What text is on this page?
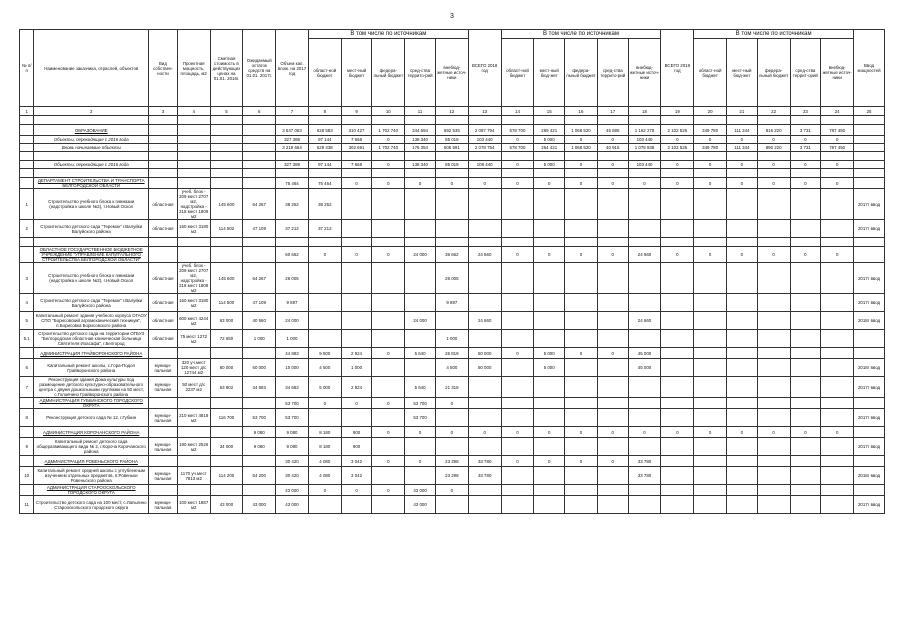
3
№ п/п	Наименование заказчика, отраслей, объектов	Вид собствен-ности	Проектная мощность, площадь, м2	Сметная стоимость в действующих ценах на 01.01. 2016г.	Ожидаемый остаток средств на 01.01. 2017г.	Объем кап. влож. на 2017 год	В том числе по источникам					ВСЕГО 2018 год	В том числе по источникам					ВСЕГО 2019 год	В том числе по источникам					Ввод мощностей
							област-ной бюджет	мест-ный бюджет	федера-льный бюджет	сред-ства террито-рий	внебюд-жетные источ-ники		област-ной бюджет	мест-ный бюд-жет	федера-льный бюджет	сред-ства террито-рий	внебюд-жетные источ-ники		област-ной бюджет	мест-ный бюд-жет	федера-льный бюджет	сред-ства террит-орий	внебюд-жетные источ-ники	
1	2	3	4	5	6	7	8	9	10	11	12	13	14	15	16	17	18	19	20	21	22	23	24	25

	ОБРАЗОВАНИЕ					3 547 063	628 583	310 427	1 702 740	344 694	692 535	2 087 794	578 700	269 421	1 068 520	45 695	1 162 278	2 102 525	349 780	111 344	816 220	3 731	787 450	
	Объекты, переходящие с 2016 года					327 389	97 144	7 668	0	138 340	85 019	103 440	0	5 000	0	0	103 440	0	0	0	0	0	0	
	Вновь начинаемые объекты					3 219 664	529 438	302 691	1 702 740	176 354	606 591	2 078 754	578 700	264 421	1 068 520	40 915	1 078 838	2 102 525	349 780	111 344	890 220	3 731	787 450	

	Объекты, переходящие с 2016 года					327 389	97 144	7 668	0	138 340	85 019	108 440	0	5 000	0	0	103 440	0	0	0	0	0	0	

	ДЕПАРТАМЕНТ СТРОИТЕЛЬСТВА И ТРАНСПОРТА БЕЛГОРОДСКОЙ ОБЛАСТИ					75 464	75 464	0	0	0	0	0	0	0	0	0	0	0	0	0	0	0	0	
1	Строительство учебного блока к гимназии (надстройка к школе №2), г.Новый Оскол	областная	учеб. блок - 209 мест 2707 м2, надстройка - 218 мест 1809 м2	145 600	64 267	38 252	38 252																	2017г ввод
2	Строительство детского сада "Теремок" г.Валуйки Валуйского района	областная	160 мест 3180 м2	114 502	47 109	37 212	37 212																	2017г ввод

	ОБЛАСТНОЕ ГОСУДАРСТВЕННОЕ БЮДЖЕТНОЕ УЧРЕЖДЕНИЕ "УПРАВЛЕНИЕ КАПИТАЛЬНОГО СТРОИТЕЛЬСТВА БЕЛГОРОДСКОЙ ОБЛАСТИ"					60 662	0	0	0	24 000	36 662	24 660	0	0	0	0	24 660	0	0	0	0	0	0	
3	Строительство учебного блока к гимназии (надстройка к школе №2), г.Новый Оскол	областная	учеб. блок - 209 мест 2707 м2, надстройка - 218 мест 1809 м2	145 600	64 267	26 005					26 005													2017г ввод
4	Строительство детского сада "Теремок" г.Валуйки Валуйского района	областная	160 мест 3180 м2	114 500	47 109	9 897					9 897													2017г ввод
5	Капитальный ремонт здания учебного корпуса ОГАОУ СПО "Борисовский агромеханический техникум", п.Борисовка Борисовского района	областная	600 мест 4244 м2	63 000	40 560	24 000				24 000		24 660					24 660							2018г ввод
5.1	Строительство детского сада на территории ОГБУЗ "Белгородская областная клиническая больница Святителя Иоасафа", г.Белгород	областная	75 мест 1272 м2	72 650	1 000	1 000					1 000													
	АДМИНИСТРАЦИЯ ГРАЙВОРОНСКОГО РАЙОНА					44 883	9 500	2 924	0	5 640	26 819	50 000	0	5 000	0	0	45 000							
6	Капитальный ремонт школы, с.Гора-Подол Грайворонского района	муници-пальная	320 уч.мест 120 мест д/с 12744 м2	60 000	60 000	10 000	4 500	1 000			4 500	50 000		5 000			45 000							2018г ввод
7	Реконструкция здания Дома культуры под размещение детского культурно-образовательного центра с двумя дошкольными группами на 50 мест, с.Головчино Грайворонского района	муници-пальная	50 мест д/с 2237 м2	63 802	34 683	34 683	5 000	2 924		5 640	21 319													2017г ввод
	АДМИНИСТРАЦИЯ ГУБКИНСКОГО ГОРОДСКОГО ОКРУГА					53 700	0	0	0	53 700	0													
8	Реконструкция детского сада № 12, г.Губкин	муници-пальная	210 мест 4818 м2	116 700	53 700	53 700				53 700														2017г ввод
	АДМИНИСТРАЦИЯ КОРОЧАНСКОГО РАЙОНА				9 080	9 080	8 180	900	0	0	0	0	0	0	0	0	0	0	0	0	0	0	0	
9	Капитальный ремонт детского сада общеразвивающего вида № 2, г.Короча Корочанского района	муници-пальная	190 мест 2526 м2	34 000	9 080	9 080	8 180	900																2017г ввод
	АДМИНИСТРАЦИЯ РОВЕНЬСКОГО РАЙОНА					30 420	4 080	3 042	0	0	23 298	33 780	0	0	0	0	33 780							
10	Капитальный ремонт средней школы с углубленным изучением отдельных предметов, п.Ровеньки Ровеньского района	муници-пальная	1170 уч.мест 7813 м2	114 200	64 200	30 420	4 080	3 042			23 298	33 780					33 780							2018г ввод
	АДМИНИСТРАЦИЯ СТАРООСКОЛЬСКОГО ГОРОДСКОГО ОКРУГА					43 000	0	0	0	43 000	0													
11	Строительство детского сада на 100 мест, с.Лапыгино Старооскольского городского округа	муници-пальная	100 мест 1887 м2	43 000	43 000	43 000				43 000														2017г ввод
